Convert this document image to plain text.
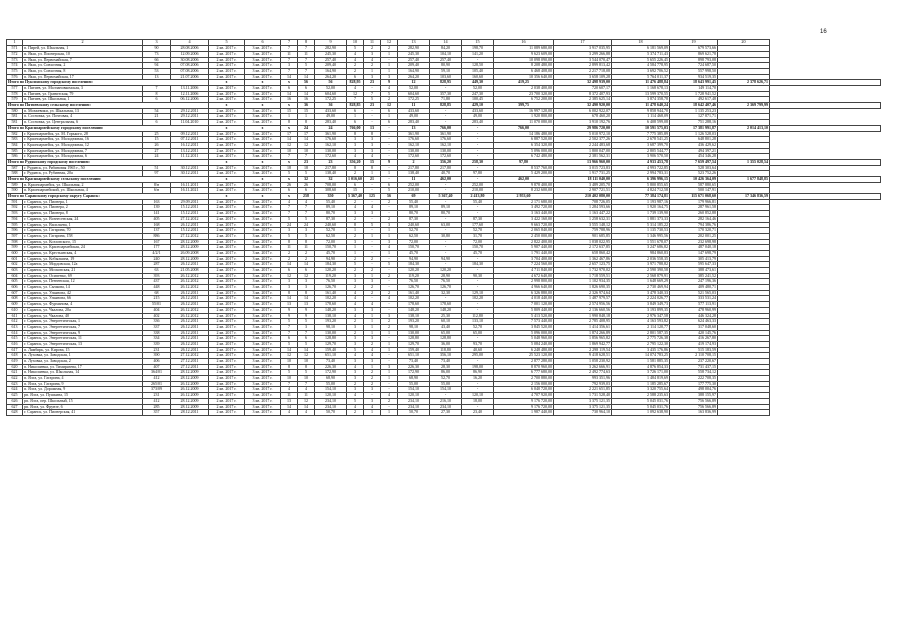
16
1	2	3	4	5	6	7	8	9	10	11	12	13	14	15	16	17	18	19	20	
571	п. Пирей, ул. Шкальная, 1	90	28.08.2006	2 кв. 2017 г.	3 кв. 2017 г.	7	7	282,90	5	2	2	282,90	84,20	198,70	11 089 680,00	3 917 035,95	6 181 569,09	679 573,66		
572	п. Якш, ул. Пионерская, 10	73	12.09.2006	2 кв. 2017 г.	3 кв. 2017 г.	11	11	245,30	4	3	1	245,30	104,10	141,20	9 623 609,00	3 299 266,88	5 374 711,43	869 621,78		
573	п. Якш, ул. Первомайская, 7	66	30.08.2006	2 кв. 2017 г.	3 кв. 2017 г.	7	7	257,40	4	4	-	257,40	257,40	-	10 098 090,00	3 544 070,47	5 655 226,45	898 793,08		
574	п. Якш, ул. Совхозная, 2	94	07.08.2006	2 кв. 2017 г.	3 кв. 2017 г.	3	5	209,40	2	2	1	209,40	80,90	128,50	8 208 480,00	2 899 813,42	4 584 778,95	724 687,50		
575	п. Якш, ул. Совхозная, 8	53	07.08.2006	2 кв. 2017 г.	3 кв. 2017 г.	7	7	164,90	2	1	1	164,90	59,10	105,40	6 468 408,00	2 217 718,08	3 692 706,52	557 998,50		
576	п. Якш, ул. Первомайская, 17	13	21.07.2006	2 кв. 2017 г.	3 кв. 2017 г.	14	14	264,20	6	3	3	264,20	103,60	160,60	10 356 640,00	3 658 109,28	5 764 011,37	934 519,35		
Итого по Пуксинскому городскому поселению:				x	x	x	56	56	828,95	23	9	12	828,95	449,30	419,25	32 498 939,00	11 476 488,84	18 643 991,45	2 378 626,71	
577	п. Пятиев, ул. Молчановкомская, 3	7	13.11.2006	2 кв. 2017 г.	3 кв. 2017 г.	6	6	52,00	4	-	4	52,00	-	52,00	2 038 400,00	720 607,17	1 168 678,13	149 114,70		
578	п. Пятиев, ул. Гранитская, 79	8	12.11.2006	2 кв. 2017 г.	3 кв. 2017 г.	14	14	604,60	12	7	5	604,60	357,30	247,30	23 700 320,00	8 372 407,93	13 599 370,55	1 728 941,52		
579	п. Пятиев, ул. Школьная, 1	6	06.12.2006	2 кв. 2017 г.	3 кв. 2017 г.	16	16	172,25	7	5	2	172,25	71,80	100,45	6 752 200,00	2 385 625,14	3 874 358,78	492 617,48		
Итого по Пятиевскому сельскому поселению:				x	x	x	36	36	828,85	23	12	11	828,85	429,10	399,75	32 490 920,00	11 478 640,24	18 642 407,46	2 369 799,99	
580	п. Мозжевики, ул. Шкальная, 13	54	29.12.2011	2 кв. 2017 г.	3 кв. 2017 г.	15	15	433,60	6	-	6	433,60	-	433,60	16 997 120,00	6 002 922,07	9 858 944,70	1 135 253,23		
581	п. Сосновка, ул. Почтовая, 4	21	29.12.2011	2 кв. 2017 г.	3 кв. 2017 г.	1	1	49,00	1	-	1	49,00	-	49,00	1 920 800,00	678 460,20	1 114 468,09	127 871,71		
581	п. Сосновка, ул. Центральная, 6	6	11.04.2010	2 кв. 2017 г.	3 кв. 2017 г.	8	8	283,40	6	-	6	283,40	-	283,40	11 070 080,00	3 910 192,76	6 408 599,08	751 288,16		
Итого по Красноармейскому городскому поселению:				x	x	x	24	24	766,00	13	-	13	766,00	-	766,00	29 986 720,00	10 591 575,03	17 381 991,87	2 014 413,10	
582	г. Красноармейск, ул. М. Горького, 28	25	09.12.2011	2 кв. 2017 г.	3 кв. 2017 г.	17	17	361,90	8	8	-	361,90	361,90	-	14 186 480,00	5 010 972,10	7 775 385,89	1 126 528,03		
583	г. Красноармейск, ул. Молодежная, 16	15	07.12.2011	2 кв. 2017 г.	3 кв. 2017 г.	14	14	176,60	3	3	-	176,60	176,60	-	6 887 520,00	2 502 377,26	2 678 541,25	648 801,28		
584	г. Красноармейск, ул. Молодежная, 12	26	16.12.2011	2 кв. 2017 г.	3 кв. 2017 г.	12	12	162,10	3	3	-	162,10	162,10	-	6 354 320,00	2 244 483,68	3 687 399,70	436 429,62		
585	г. Красноармейск, ул. Молодежная, 7	27	13.12.2011	2 кв. 2017 г.	3 кв. 2017 г.	10	10	130,00	3	3	-	130,00	130,00	-	5 096 000,00	1 800 047,00	2 805 544,77	494 397,21		
586	г. Красноармейск, ул. Молодежная, 6	24	11.12.2011	2 кв. 2017 г.	3 кв. 2017 г.	7	7	172,60	4	4	-	172,60	172,60	-	6 742 480,00	2 381 562,31	3 906 570,50	454 346,28		
Итого по Рудянскому городскому поселению:				x	x	x	23	23	356,20	15	9	2	356,20	258,30	97,80	13 966 960,00	4 933 453,78	7 659 497,54	1 355 028,54	
587	г. Рудянск, ул. Рябиновая 1965 г., 50	51	30.12.2011	2 кв. 2017 г.	3 кв. 2017 г.	18	18	217,80	8	8	-	217,80	217,80	-	8 537 760,00	3 015 723,83	4 993 722,85	528 303,64		
588	г. Рудянск, ул. Рубинная, 20а	97	30.12.2011	2 кв. 2017 г.	3 кв. 2017 г.	5	5	138,40	2	1	1	138,40	40,70	97,80	5 429 200,00	1 917 731,25	2 994 783,31	523 752,26		
Итого по Красноармейскому сельскому поселению:				x	x	x	32	32	1 016,60	21	-	11	462,00	-	462,00	18 111 040,00	6 396 996,15	10 426 364,09	1 677 848,85	
589	п. Красноармейск, ул. Шкальная, 2	8/н	16.11.2011	2 кв. 2017 г.	3 кв. 2017 г.	26	26	708,00	6	-	6	252,00	-	252,00	9 878 400,00	3 489 205,70	5 800 855,65	587 880,65		
590	п. Красноармейский, ул. Школьная, 4	6/н	16.11.2021	2 кв. 2017 г.	3 кв. 2017 г.	6	6	308,60	15	-	5	210,00	-	210,00	8 232 600,00	2 907 721,51	4 824 712,58	500 147,91		
Итого по Саранскому городскому округу Саранск:				x	x	x	258	350	5 367,40	125	56	69	5 367,40	2 413,80	2 953,60	210 402 080,00	77 384 174,81	115 671 068,60	17 346 836,59	
591	г. Саранск, ул. Пионера, 1	163	29.09.2011	2 кв. 2017 г.	3 кв. 2017 г.	4	4	55,40	2	-	2	55,40	-	55,40	2 171 680,00	708 726,05	1 193 987,16	179 966,81		
592	г. Саранск, ул. Пионера, 2	139	15.12.2011	2 кв. 2017 г.	3 кв. 2017 г.	7	7	89,10	4	4	-	89,10	89,10	-	3 492 720,00	1 284 593,66	1 920 164,75	287 961,58		
593	г. Саранск, ул. Пионера, 8	141	15.12.2011	2 кв. 2017 г.	3 кв. 2017 г.	7	7	80,70	3	3	-	80,70	80,70	-	3 163 440,00	1 163 447,22	1 739 139,90	260 852,88		
594	г. Саранск, ул. Вознесенская, 24	405	27.12.2012	2 кв. 2017 г.	3 кв. 2017 г.	5	5	87,30	2	-	2	87,30	-	87,30	3 422 160,00	1 258 632,31	1 881 373,33	282 164,46		
595	г. Саранск, ул. Васильева, 1	168	26.12.2011	2 кв. 2017 г.	3 кв. 2017 г.	24	24	240,60	8	5	3	240,60	63,00	177,60	9 663 720,00	3 555 148,12	5 314 185,22	794 386,76		
596	г. Саранск, ул. Гагарина, 70	137	15.12.2011	2 кв. 2017 г.	3 кв. 2017 г.	3	3	52,70	1	-	1	52,70	-	52,70	2 065 840,00	759 788,96	1 135 730,53	170 320,71		
597	г. Саранск, ул. Гагарина, 158	886	27.12.2012	2 кв. 2017 г.	3 кв. 2017 г.	5	5	62,50	2	1	1	62,50	30,80	31,70	2 450 000,00	901 685,85	1 346 995,56	202 001,25		
598	г. Саранск, ул. Козловского, 15	167	28.12.2009	2 кв. 2017 г.	3 кв. 2017 г.	8	8	72,00	3	-	3	72,00	-	72,00	2 822 400,00	1 038 022,95	1 551 678,07	232 698,98		
599	г. Саранск, ул. Красноармейская, 24	177	28.12.2009	2 кв. 2017 г.	3 кв. 2017 г.	11	11	150,70	1	-	4	150,70	-	150,70	5 907 440,00	2 172 637,85	3 247 686,82	487 040,18		
600	г. Саранск, ул. Крестьянская, 4	4/2/1	26.09.2008	2 кв. 2017 г.	3 кв. 2017 г.	2	2	45,70	1	-	1	45,70	-	45,70	1 791 440,00	658 860,42	984 860,83	147 698,79		
601	г. Саранск, ул. Кобылкина, 19	240	28.12.2009	2 кв. 2017 г.	3 кв. 2017 г.	2	2	94,90	2	2	-	94,90	94,90	-	3 704 400,00	1 362 467,86	2 036 558,35	305 413,79		
602	г. Саранск, ул. Мордовская, 12а	287	26.12.2011	2 кв. 2017 г.	3 кв. 2017 г.	14	14	184,30	5	-	5	184,30	-	184,30	7 224 560,00	2 657 123,75	3 971 788,82	595 647,33		
603	г. Саранск, ул. Московская, 21	63	21.05.2008	2 кв. 2017 г.	3 кв. 2017 г.	6	6	120,20	2	2	-	120,20	120,20	-	4 711 840,00	1 732 970,02	2 590 390,58	388 473,61		
604	г. Саранск, ул. Осипенко, 69	393	26.12.2012	2 кв. 2017 г.	3 кв. 2017 г.	12	12	119,20	3	1	2	119,20	28,90	90,30	4 672 640,00	1 718 559,51	2 568 879,91	385 241,52		
605	г. Саранск, ул. Пензенская, 12	437	26.12.2012	2 кв. 2017 г.	3 кв. 2017 г.	3	3	76,50	3	3	-	76,50	76,50	-	2 998 800,00	1 102 934,35	1 648 669,29	247 196,36		
606	г. Саранск, ул. Сычкова, 14	448	26.12.2012	2 кв. 2017 г.	3 кв. 2017 г.	3	3	126,70	2	2	-	126,70	126,70	-	4 966 640,00	1 826 690,35	2 730 469,94	409 480,71		
607	г. Саранск, ул. Ульянова, 42	68	26.12.2011	2 кв. 2017 г.	3 кв. 2017 г.	8	8	161,40	4	2	2	161,40	32,30	129,10	6 326 880,00	2 326 974,64	3 478 340,33	521 565,03		
608	г. Саранск, ул. Ульянова, 66	215	26.12.2011	2 кв. 2017 г.	3 кв. 2017 г.	14	14	102,20	4	-	4	102,20	-	102,20	4 018 440,00	1 487 979,57	2 224 026,77	333 531,24		
609	г. Саранск, ул. Фурманова, 4	55/01	26.12.2011	2 кв. 2017 г.	3 кв. 2017 г.	13	13	178,60	4	4	-	178,60	178,60	-	7 001 120,00	2 574 956,56	3 849 349,73	577 113,91		
610	г. Саранск, ул. Чкалова, 20а	404	26.12.2012	2 кв. 2017 г.	3 кв. 2017 г.	9	9	148,20	3	3	-	148,20	148,20	-	5 809 440,00	2 136 660,56	3 193 899,35	478 960,99		
611	г. Саранск, ул. Чкалова, 40	402	26.12.2012	2 кв. 2017 г.	3 кв. 2017 г.	9	9	138,10	4	1	3	138,10	25,30	112,80	5 413 520,00	1 990 848,18	2 976 347,58	446 324,28		
612	г. Саранск, ул. Энергетическая, 1	336	26.12.2011	2 кв. 2017 г.	3 кв. 2017 г.	5	5	193,20	2	1	2	193,20	60,10	133,10	7 573 440,00	2 785 408,95	4 163 593,82	624 463,33		
613	г. Саранск, ул. Энергетическая, 7	337	26.12.2011	2 кв. 2017 г.	3 кв. 2017 г.	7	3	98,10	3	1	2	98,10	43,40	52,70	3 845 520,00	1 414 356,61	2 114 120,77	317 048,60		
614	г. Саранск, ул. Энергетическая, 9	338	26.12.2011	2 кв. 2017 г.	3 кв. 2017 г.	7	7	130,00	2	1	1	130,00	65,00	65,00	5 096 000,00	1 874 266,89	2 801 587,35	420 145,76		
615	г. Саранск, ул. Энергетическая, 11	334	26.12.2011	2 кв. 2017 г.	3 кв. 2017 г.	6	6	128,80	3	3	-	128,80	128,80	-	5 048 960,00	1 856 965,82	2 775 726,38	416 267,80		
616	г. Саранск, ул. Энергетическая, 13	339	26.12.2011	2 кв. 2017 г.	3 кв. 2017 г.	5	5	129,70	3	2	1	129,70	36,00	93,70	5 084 240,00	1 869 942,77	2 795 122,30	419 174,93		
617	п. Лямбирь, ул. Кирова, 15	231	26.12.2011	2 кв. 2017 г.	3 кв. 2017 г.	14	14	159,40	5	4	1	159,40	118,80	40,60	6 248 480,00	2 298 119,54	3 435 176,86	515 183,59		
618	п. Луховка, ул. Заводская, 1	390	27.12.2012	2 кв. 2017 г.	3 кв. 2017 г.	12	12	651,10	4	4	-	651,10	356,10	295,00	25 523 120,00	9 418 628,51	14 074 783,25	2 110 708,15		
619	п. Луховка, ул. Заводская, 2	406	27.12.2011	2 кв. 2017 г.	3 кв. 2017 г.	10	10	73,40	3	3	-	73,40	73,40	-	2 877 280,00	1 058 230,92	1 581 885,35	237 220,67		
620	п. Николаевка, ул. Тимирязева, 17	407	27.12.2011	2 кв. 2017 г.	3 кв. 2017 г.	8	8	226,30	4	1	3	226,30	28,30	198,00	8 870 960,00	3 262 666,91	4 876 854,33	731 437,15		
621	п. Николаевка, ул. Школьная, 14	364/01	28.12.2009	2 кв. 2017 г.	3 кв. 2017 г.	5	5	172,90	3	2	1	172,90	86,00	86,90	6 777 680,00	2 492 774,63	3 726 171,00	558 734,12		
622	п. Ялга, ул. Гагарина, 4	412	28.12.2009	2 кв. 2017 г.	3 кв. 2017 г.	10	10	68,90	3	2	1	68,90	52,70	16,20	2 700 880,00	993 351,96	1 484 819,69	222 708,35		
623	п. Ялга, ул. Гагарина, 9	265/01	26.12.2009	2 кв. 2017 г.	3 кв. 2017 г.	7	7	55,00	2	2	-	55,00	55,00	-	2 156 000,00	792 939,03	1 185 285,67	177 775,30		
624	п. Ялга, ул. Дорожная, 9	373/09	26.12.2009	2 кв. 2017 г.	3 кв. 2017 г.	4	4	154,10	3	3	-	154,10	154,10	-	6 040 720,00	2 221 651,85	3 320 755,64	498 004,76		
625	рп. Ялга, ул. Пушкина, 15	231	26.12.2009	2 кв. 2017 г.	3 кв. 2017 г.	11	11	120,10	4	-	4	120,10	-	120,10	4 707 920,00	1 731 528,40	2 588 235,63	388 155,97		
626	рп. Ялга, пер. Школьный, 15	412	28.12.2009	2 кв. 2017 г.	3 кв. 2017 г.	13	12	234,10	5	3	2	234,10	216,10	18,00	9 176 720,00	3 375 121,35	5 045 031,76	756 566,89		
627	рп. Ялга, ул. Фрунзе, 6	285	28.12.2009	2 кв. 2017 г.	3 кв. 2017 г.	14	14	234,10	4	4	-	234,10	234,10	-	9 176 720,00	3 375 121,35	5 045 031,76	756 566,89		
628	г. Саранск, ул. Пионерская, 41	357	28.12.2011	2 кв. 2017 г.	3 кв. 2017 г.	4	4	50,70	2	1	1	50,70	27,30	23,40	1 987 440,00	730 964,10	1 092 638,90	163 836,99		
